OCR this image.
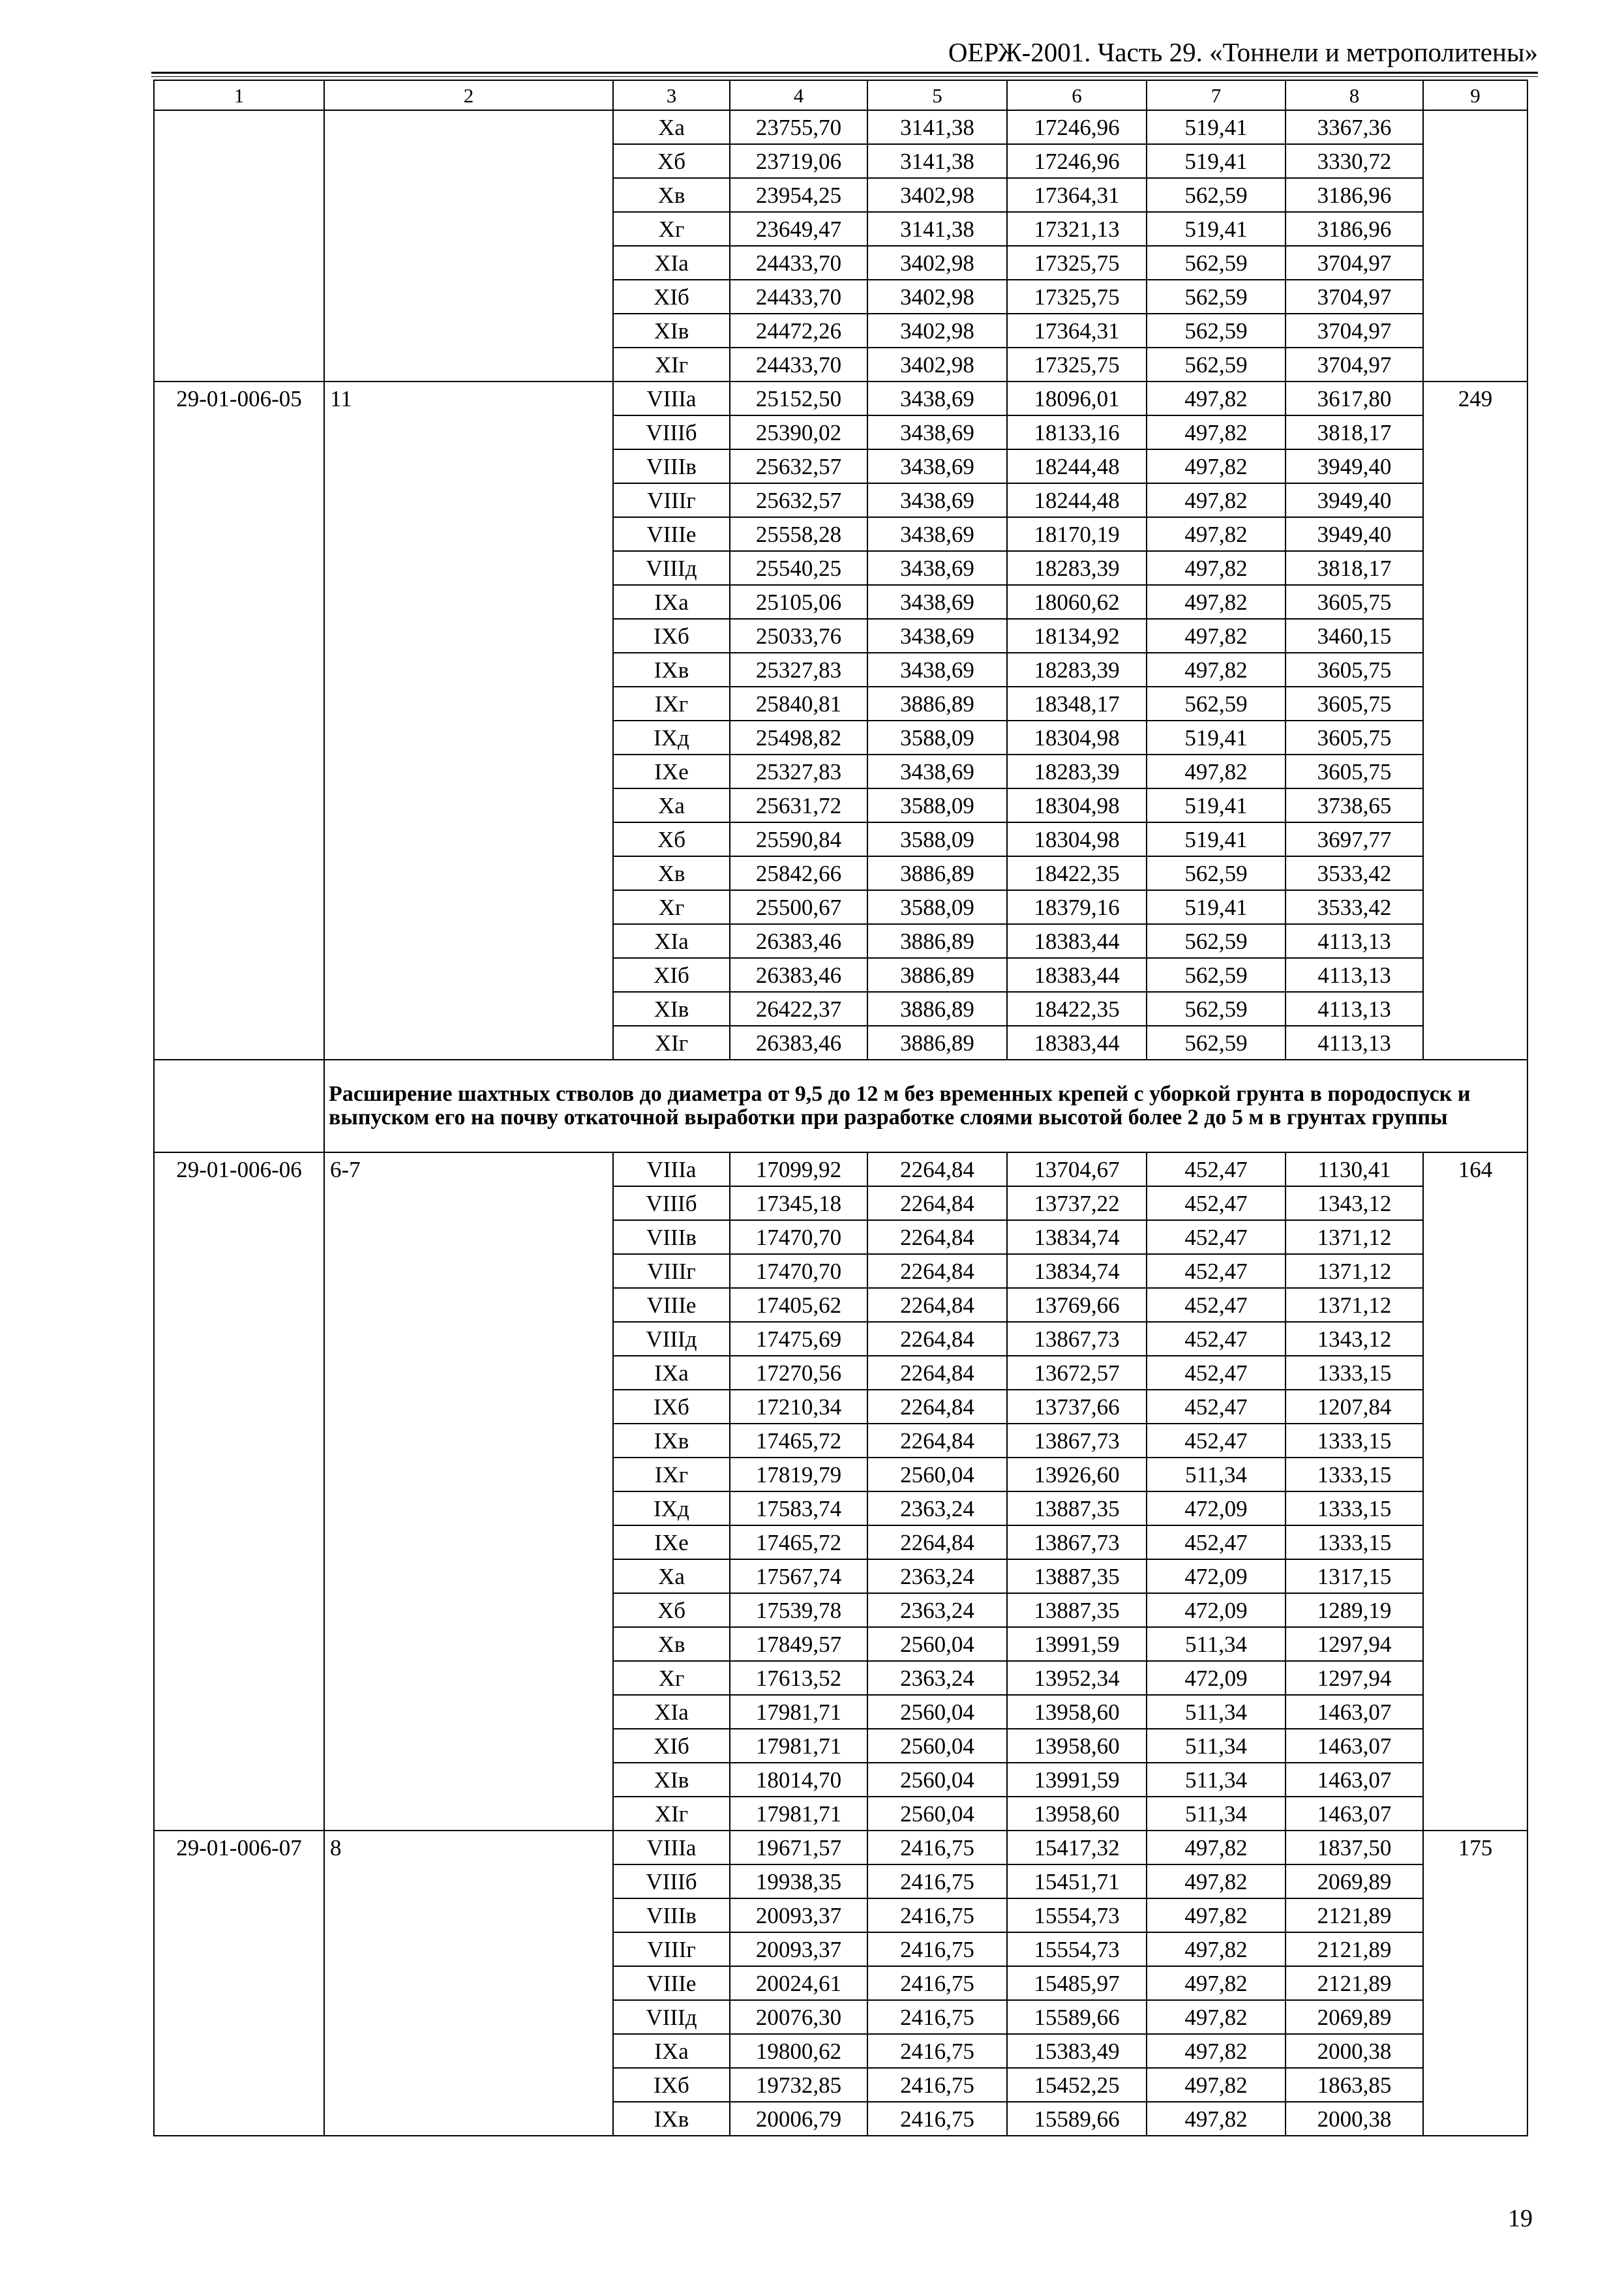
ОЕРЖ-2001. Часть 29. «Тоннели и метрополитены»
1	2	3	4	5	6	7	8	9
		Xа	23755,70	3141,38	17246,96	519,41	3367,36	
		Xб	23719,06	3141,38	17246,96	519,41	3330,72	
		Xв	23954,25	3402,98	17364,31	562,59	3186,96	
		Xг	23649,47	3141,38	17321,13	519,41	3186,96	
		XIа	24433,70	3402,98	17325,75	562,59	3704,97	
		XIб	24433,70	3402,98	17325,75	562,59	3704,97	
		XIв	24472,26	3402,98	17364,31	562,59	3704,97	
		XIг	24433,70	3402,98	17325,75	562,59	3704,97	
29-01-006-05	11	VIIIа	25152,50	3438,69	18096,01	497,82	3617,80	249
		VIIIб	25390,02	3438,69	18133,16	497,82	3818,17	
		VIIIв	25632,57	3438,69	18244,48	497,82	3949,40	
		VIIIг	25632,57	3438,69	18244,48	497,82	3949,40	
		VIIIе	25558,28	3438,69	18170,19	497,82	3949,40	
		VIIIд	25540,25	3438,69	18283,39	497,82	3818,17	
		IXа	25105,06	3438,69	18060,62	497,82	3605,75	
		IXб	25033,76	3438,69	18134,92	497,82	3460,15	
		IXв	25327,83	3438,69	18283,39	497,82	3605,75	
		IXг	25840,81	3886,89	18348,17	562,59	3605,75	
		IXд	25498,82	3588,09	18304,98	519,41	3605,75	
		IXе	25327,83	3438,69	18283,39	497,82	3605,75	
		Xа	25631,72	3588,09	18304,98	519,41	3738,65	
		Xб	25590,84	3588,09	18304,98	519,41	3697,77	
		Xв	25842,66	3886,89	18422,35	562,59	3533,42	
		Xг	25500,67	3588,09	18379,16	519,41	3533,42	
		XIа	26383,46	3886,89	18383,44	562,59	4113,13	
		XIб	26383,46	3886,89	18383,44	562,59	4113,13	
		XIв	26422,37	3886,89	18422,35	562,59	4113,13	
		XIг	26383,46	3886,89	18383,44	562,59	4113,13	
	Расширение шахтных стволов до диаметра от 9,5 до 12 м без временных крепей с уборкой грунта в породоспуск и выпуском его на почву откаточной выработки при разработке слоями высотой более 2 до 5 м в грунтах группы							
29-01-006-06	6-7	VIIIа	17099,92	2264,84	13704,67	452,47	1130,41	164
		VIIIб	17345,18	2264,84	13737,22	452,47	1343,12	
		VIIIв	17470,70	2264,84	13834,74	452,47	1371,12	
		VIIIг	17470,70	2264,84	13834,74	452,47	1371,12	
		VIIIе	17405,62	2264,84	13769,66	452,47	1371,12	
		VIIIд	17475,69	2264,84	13867,73	452,47	1343,12	
		IXа	17270,56	2264,84	13672,57	452,47	1333,15	
		IXб	17210,34	2264,84	13737,66	452,47	1207,84	
		IXв	17465,72	2264,84	13867,73	452,47	1333,15	
		IXг	17819,79	2560,04	13926,60	511,34	1333,15	
		IXд	17583,74	2363,24	13887,35	472,09	1333,15	
		IXе	17465,72	2264,84	13867,73	452,47	1333,15	
		Xа	17567,74	2363,24	13887,35	472,09	1317,15	
		Xб	17539,78	2363,24	13887,35	472,09	1289,19	
		Xв	17849,57	2560,04	13991,59	511,34	1297,94	
		Xг	17613,52	2363,24	13952,34	472,09	1297,94	
		XIа	17981,71	2560,04	13958,60	511,34	1463,07	
		XIб	17981,71	2560,04	13958,60	511,34	1463,07	
		XIв	18014,70	2560,04	13991,59	511,34	1463,07	
		XIг	17981,71	2560,04	13958,60	511,34	1463,07	
29-01-006-07	8	VIIIа	19671,57	2416,75	15417,32	497,82	1837,50	175
		VIIIб	19938,35	2416,75	15451,71	497,82	2069,89	
		VIIIв	20093,37	2416,75	15554,73	497,82	2121,89	
		VIIIг	20093,37	2416,75	15554,73	497,82	2121,89	
		VIIIе	20024,61	2416,75	15485,97	497,82	2121,89	
		VIIIд	20076,30	2416,75	15589,66	497,82	2069,89	
		IXа	19800,62	2416,75	15383,49	497,82	2000,38	
		IXб	19732,85	2416,75	15452,25	497,82	1863,85	
		IXв	20006,79	2416,75	15589,66	497,82	2000,38	
19
